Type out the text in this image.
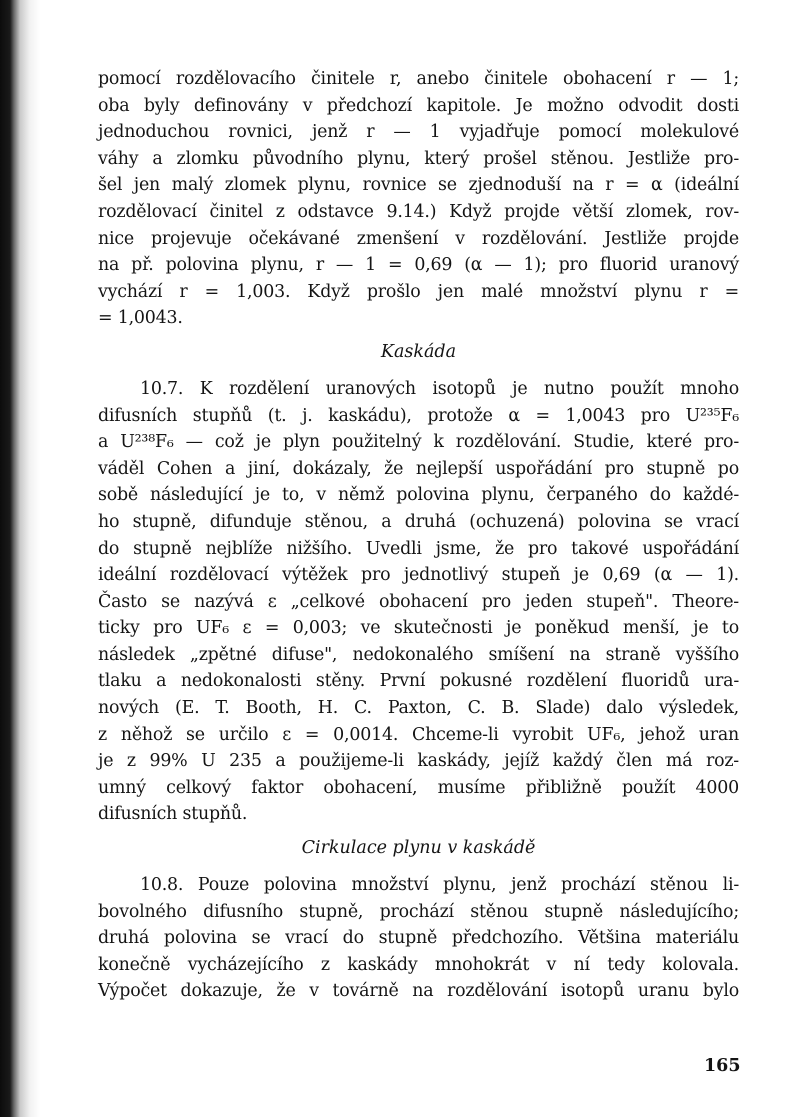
pomocí rozdělovacího činitele r, anebo činitele obohacení r — 1;
oba byly definovány v předchozí kapitole. Je možno odvodit dosti
jednoduchou rovnici, jenž r — 1 vyjadřuje pomocí molekulové
váhy a zlomku původního plynu, který prošel stěnou. Jestliže pro-
šel jen malý zlomek plynu, rovnice se zjednoduší na r = α (ideální
rozdělovací činitel z odstavce 9.14.) Když projde větší zlomek, rov-
nice projevuje očekávané zmenšení v rozdělování. Jestliže projde
na př. polovina plynu, r — 1 = 0,69 (α — 1); pro fluorid uranový
vychází r = 1,003. Když prošlo jen malé množství plynu r =
= 1,0043.
Kaskáda
10.7. K rozdělení uranových isotopů je nutno použít mnoho
difusních stupňů (t. j. kaskádu), protože α = 1,0043 pro U²³⁵F₆
a U²³⁸F₆ — což je plyn použitelný k rozdělování. Studie, které pro-
váděl Cohen a jiní, dokázaly, že nejlepší uspořádání pro stupně po
sobě následující je to, v němž polovina plynu, čerpaného do každé-
ho stupně, difunduje stěnou, a druhá (ochuzená) polovina se vrací
do stupně nejblíže nižšího. Uvedli jsme, že pro takové uspořádání
ideální rozdělovací výtěžek pro jednotlivý stupeň je 0,69 (α — 1).
Často se nazývá ε „celkové obohacení pro jeden stupeň". Theore-
ticky pro UF₆ ε = 0,003; ve skutečnosti je poněkud menší, je to
následek „zpětné difuse", nedokonalého smíšení na straně vyššího
tlaku a nedokonalosti stěny. První pokusné rozdělení fluoridů ura-
nových (E. T. Booth, H. C. Paxton, C. B. Slade) dalo výsledek,
z něhož se určilo ε = 0,0014. Chceme-li vyrobit UF₆, jehož uran
je z 99% U 235 a použijeme-li kaskády, jejíž každý člen má roz-
umný celkový faktor obohacení, musíme přibližně použít 4000
difusních stupňů.
Cirkulace plynu v kaskádě
10.8. Pouze polovina množství plynu, jenž prochází stěnou li-
bovolného difusního stupně, prochází stěnou stupně následujícího;
druhá polovina se vrací do stupně předchozího. Většina materiálu
konečně vycházejícího z kaskády mnohokrát v ní tedy kolovala.
Výpočet dokazuje, že v továrně na rozdělování isotopů uranu bylo
165
